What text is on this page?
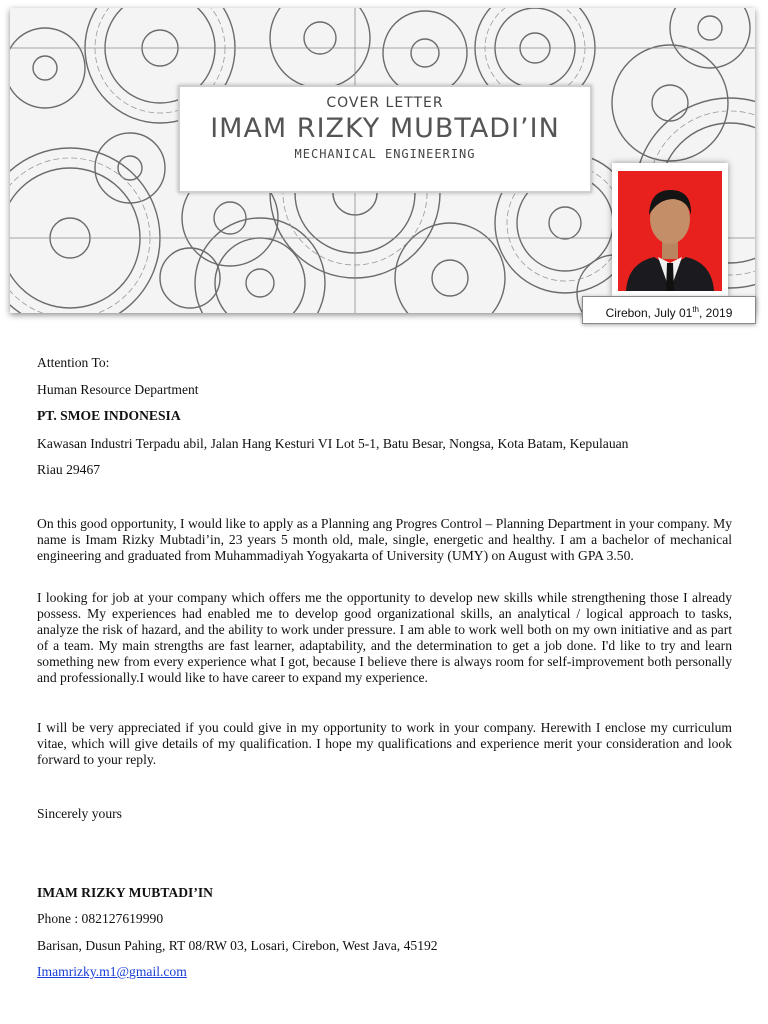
COVER LETTER
IMAM RIZKY MUBTADI’IN
MECHANICAL ENGINEERING
Cirebon, July 01th, 2019
Attention To:
Human Resource Department
PT. SMOE INDONESIA
Kawasan Industri Terpadu abil, Jalan Hang Kesturi VI Lot 5-1, Batu Besar, Nongsa, Kota Batam, Kepulauan
Riau 29467
On this good opportunity, I would like to apply as a Planning ang Progres Control – Planning Department in your company. My name is Imam Rizky Mubtadi’in, 23 years 5 month old, male, single, energetic and healthy. I am a bachelor of mechanical engineering and graduated from Muhammadiyah Yogyakarta of University (UMY) on August with GPA 3.50.
I looking for job at your company which offers me the opportunity to develop new skills while strengthening those I already possess. My experiences had enabled me to develop good organizational skills, an analytical / logical approach to tasks, analyze the risk of hazard, and the ability to work under pressure. I am able to work well both on my own initiative and as part of a team. My main strengths are fast learner, adaptability, and the determination to get a job done. I'd like to try and learn something new from every experience what I got, because I believe there is always room for self-improvement both personally and professionally.I would like to have career to expand my experience.
I will be very appreciated if you could give in my opportunity to work in your company. Herewith I enclose my curriculum vitae, which will give details of my qualification. I hope my qualifications and experience merit your consideration and look forward to your reply.
Sincerely yours
IMAM RIZKY MUBTADI’IN
Phone : 082127619990
Barisan, Dusun Pahing, RT 08/RW 03, Losari, Cirebon, West Java, 45192
Imamrizky.m1@gmail.com
